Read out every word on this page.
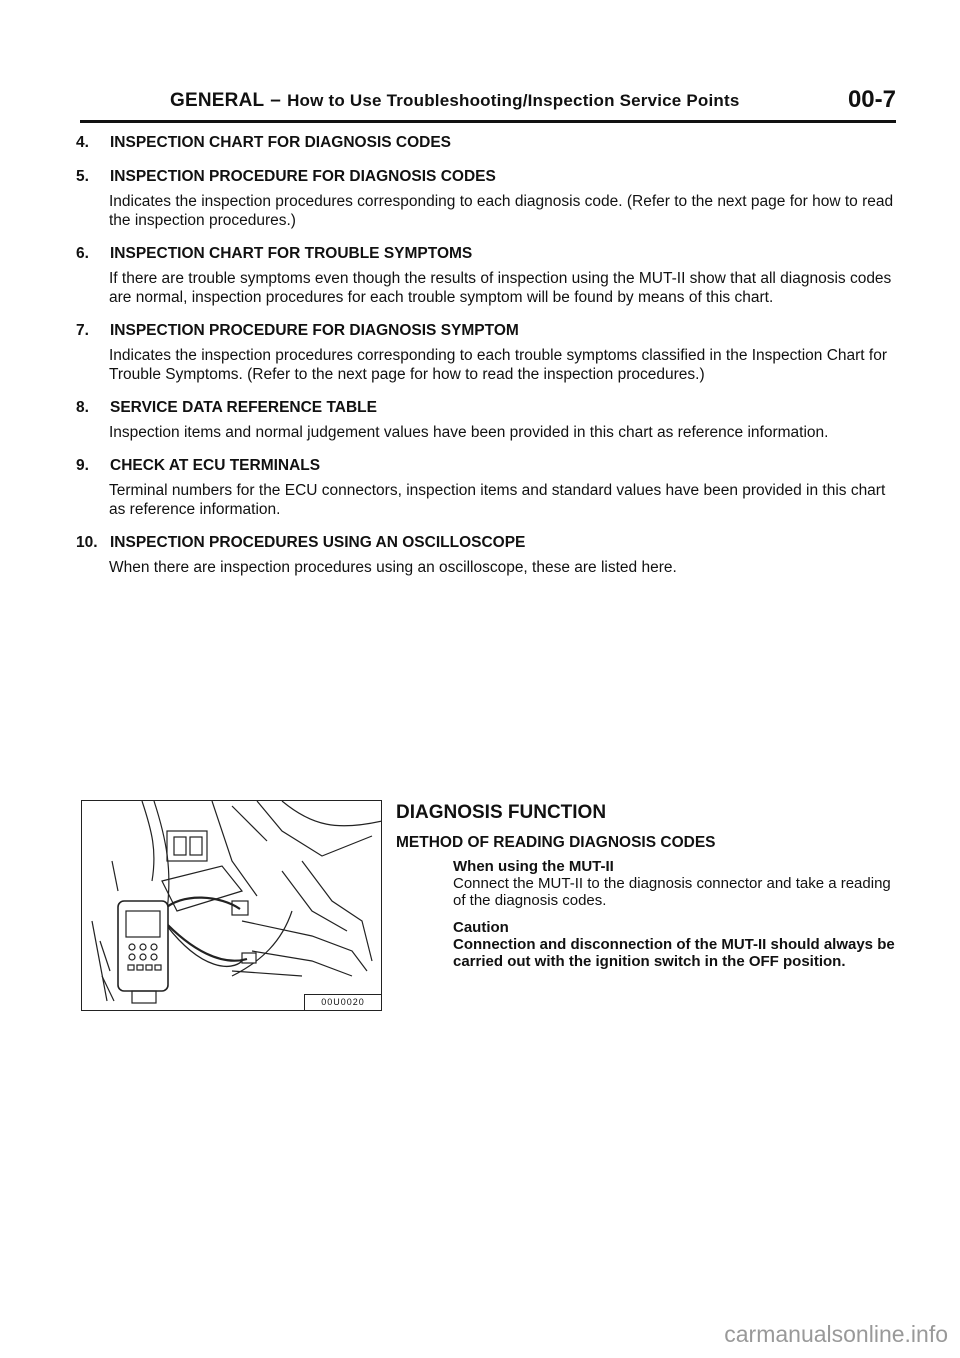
GENERAL – How to Use Troubleshooting/Inspection Service Points	00-7
4. INSPECTION CHART FOR DIAGNOSIS CODES
5. INSPECTION PROCEDURE FOR DIAGNOSIS CODES
Indicates the inspection procedures corresponding to each diagnosis code. (Refer to the next page for how to read the inspection procedures.)
6. INSPECTION CHART FOR TROUBLE SYMPTOMS
If there are trouble symptoms even though the results of inspection using the MUT-II show that all diagnosis codes are normal, inspection procedures for each trouble symptom will be found by means of this chart.
7. INSPECTION PROCEDURE FOR DIAGNOSIS SYMPTOM
Indicates the inspection procedures corresponding to each trouble symptoms classified in the Inspection Chart for Trouble Symptoms. (Refer to the next page for how to read the inspection procedures.)
8. SERVICE DATA REFERENCE TABLE
Inspection items and normal judgement values have been provided in this chart as reference information.
9. CHECK AT ECU TERMINALS
Terminal numbers for the ECU connectors, inspection items and standard values have been provided in this chart as reference information.
10. INSPECTION PROCEDURES USING AN OSCILLOSCOPE
When there are inspection procedures using an oscilloscope, these are listed here.
00U0020
DIAGNOSIS FUNCTION
METHOD OF READING DIAGNOSIS CODES

When using the MUT-II

Connect the MUT-II to the diagnosis connector and take a reading of the diagnosis codes.

Caution

Connection and disconnection of the MUT-II should always be carried out with the ignition switch in the OFF position.

carmanualsonline.info
